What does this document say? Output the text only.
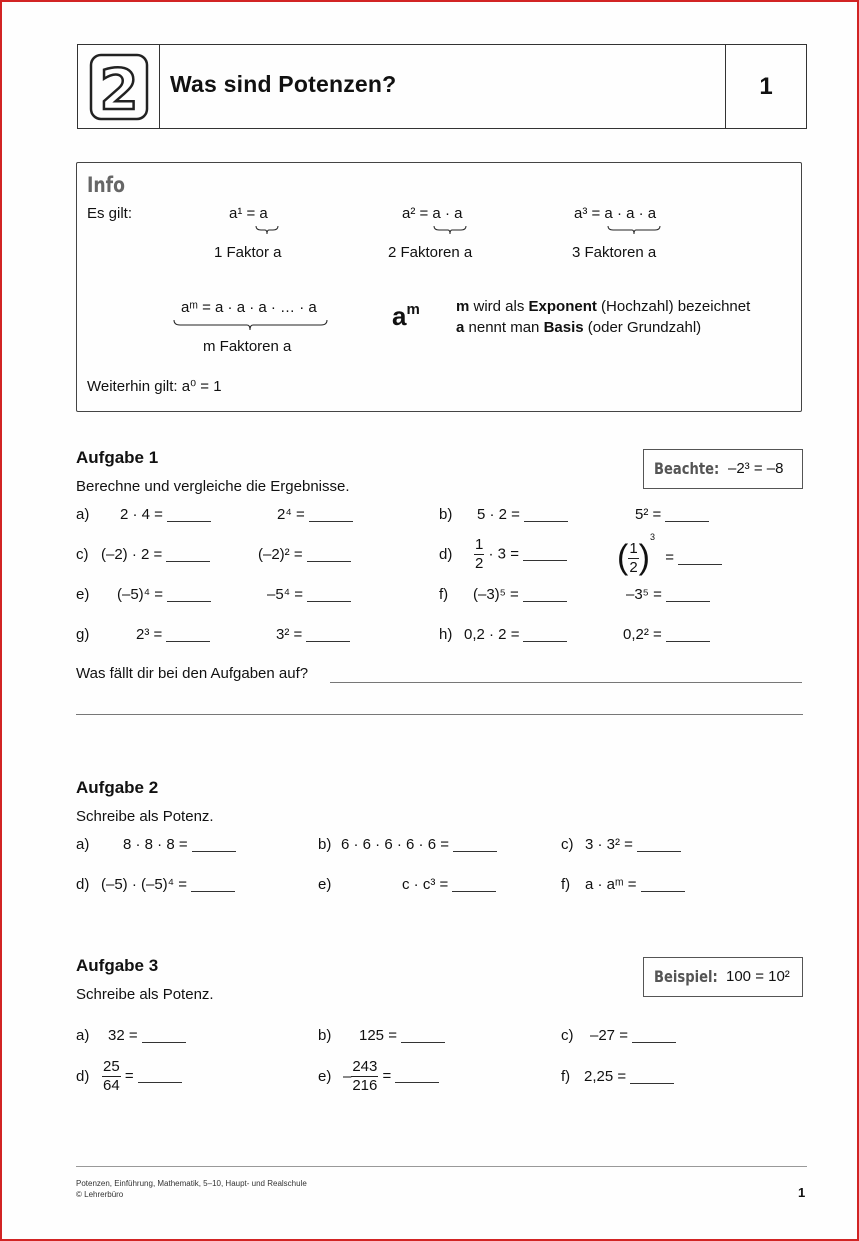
2 Was sind Potenzen?	1
Info
Es gilt:	a¹ = a
1 Faktor a
a² = a · a
2 Faktoren a
a³ = a · a · a
3 Faktoren a
aᵐ = a · a · a · … · a
m Faktoren a
$a^m$ m wird als Exponent (Hochzahl) bezeichnet
a nennt man Basis (oder Grundzahl)
Weiterhin gilt: a⁰ = 1
Aufgabe 1
Berechne und vergleiche die Ergebnisse.
Beachte: –2³ = –8
a) 2 · 4 =	2⁴ =	b) 5 · 2 =	5² =
c) (–2) · 2 =	(–2)² =	$d) \frac{1}{2} \cdot 3$ =	( $\frac{1}{2} )^3$ =
e) (–5)⁴ =	–5⁴ =	f) (–3)⁵ =	–3⁵ =
g)	2³ =	3² =	h) 0,2 · 2 =	0,2² =
Was fällt dir bei den Aufgaben auf?
Aufgabe 2
Schreibe als Potenz.
a) 8 · 8 · 8 =	b) 6 · 6 · 6 · 6 · 6 =	c) 3 · 3² =
d) (–5) · (–5)⁴ =	e)	c · c³ =	f) a · aᵐ =
Aufgabe 3
Schreibe als Potenz.
Beispiel: 100 = 10²
a) 32 =	b) 125 =	c) –27 =
$d) \frac{25}{64}$ =	$e) - \frac{243}{216}$ =	f) 2,25 =
Potenzen, Einführung, Mathematik, 5–10, Haupt- und Realschule
© Lehrerbüro	1
